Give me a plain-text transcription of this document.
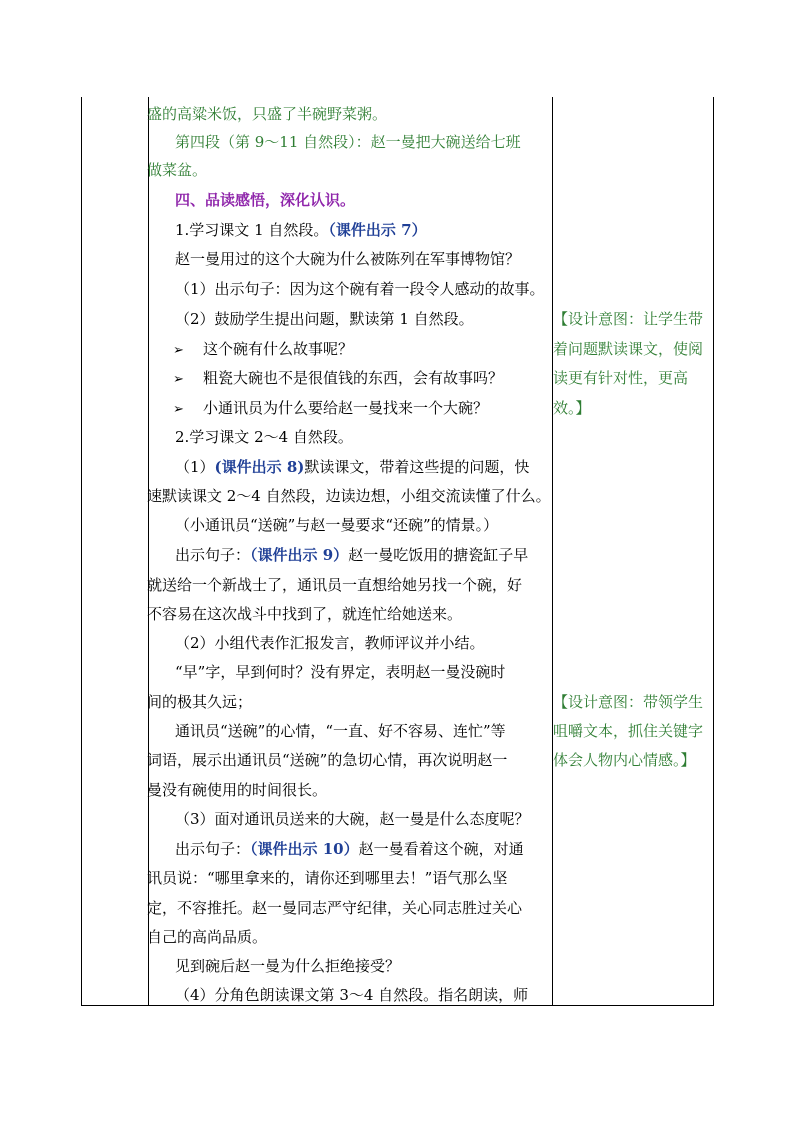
盛的高粱米饭，只盛了半碗野菜粥。
第四段（第 9～11 自然段）：赵一曼把大碗送给七班
做菜盆。
四、品读感悟，深化认识。
1.学习课文 1 自然段。（课件出示 7）
赵一曼用过的这个大碗为什么被陈列在军事博物馆？
（1）出示句子：因为这个碗有着一段令人感动的故事。
（2）鼓励学生提出问题，默读第 1 自然段。
➢ 这个碗有什么故事呢？
➢ 粗瓷大碗也不是很值钱的东西，会有故事吗？
➢ 小通讯员为什么要给赵一曼找来一个大碗？
2.学习课文 2～4 自然段。
（1）(课件出示 8)默读课文，带着这些提的问题，快
速默读课文 2～4 自然段，边读边想，小组交流读懂了什么。
（小通讯员“送碗”与赵一曼要求“还碗”的情景。）
出示句子：（课件出示 9）赵一曼吃饭用的搪瓷缸子早
就送给一个新战士了，通讯员一直想给她另找一个碗，好
不容易在这次战斗中找到了，就连忙给她送来。
（2）小组代表作汇报发言，教师评议并小结。
“早”字，早到何时？没有界定，表明赵一曼没碗时
间的极其久远；
通讯员“送碗”的心情，“一直、好不容易、连忙”等
词语，展示出通讯员“送碗”的急切心情，再次说明赵一
曼没有碗使用的时间很长。
（3）面对通讯员送来的大碗，赵一曼是什么态度呢？
出示句子：（课件出示 10）赵一曼看着这个碗，对通
讯员说：“哪里拿来的，请你还到哪里去！”语气那么坚
定，不容推托。赵一曼同志严守纪律，关心同志胜过关心
自己的高尚品质。
见到碗后赵一曼为什么拒绝接受？
（4）分角色朗读课文第 3～4 自然段。指名朗读，师
【设计意图：让学生带
着问题默读课文，使阅
读更有针对性，更高
效。】
【设计意图：带领学生
咀嚼文本，抓住关键字
体会人物内心情感。】
